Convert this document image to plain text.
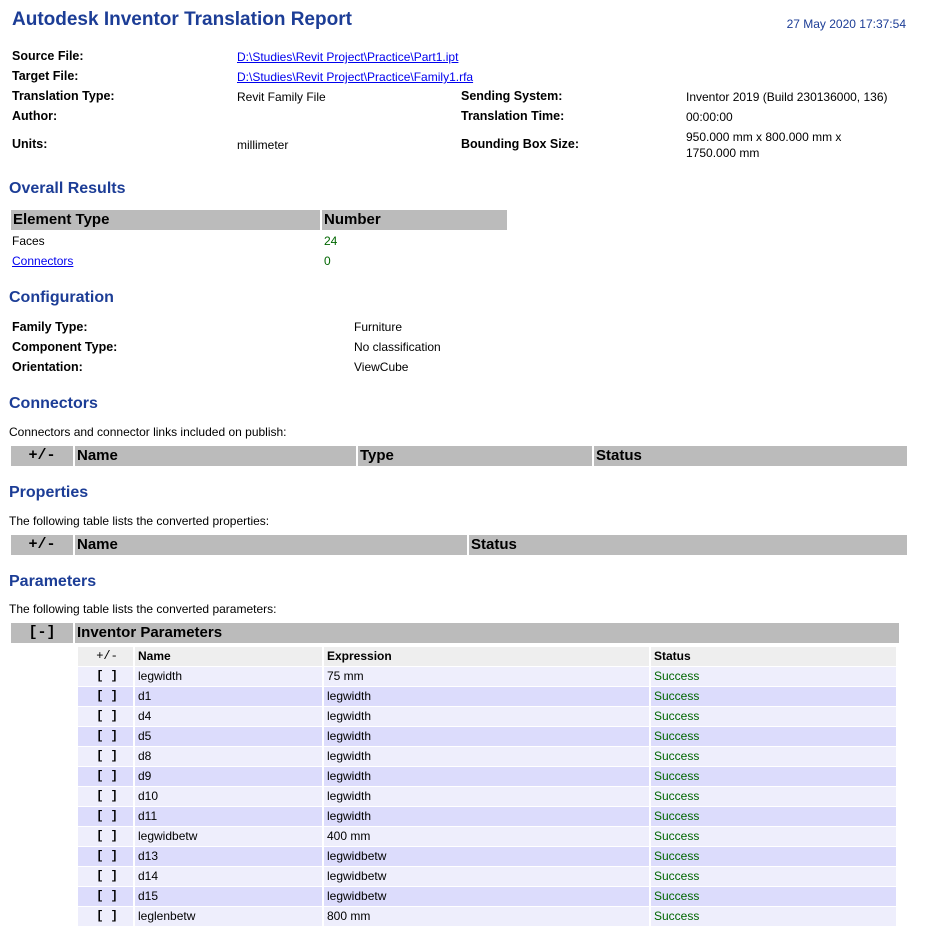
Autodesk Inventor Translation Report	27 May 2020 17:37:54
Source File:	D:\Studies\Revit Project\Practice\Part1.ipt
Target File:	D:\Studies\Revit Project\Practice\Family1.rfa
Translation Type:	Revit Family File	Sending System:	Inventor 2019 (Build 230136000, 136)
Author:	Translation Time:	00:00:00
Units:	millimeter	Bounding Box Size:	950.000 mm x 800.000 mm x
1750.000 mm
Overall Results
Element Type	Number
Faces	24
Connectors	0
Configuration
Family Type:	Furniture
Component Type:	No classification
Orientation:	ViewCube
Connectors
Connectors and connector links included on publish:
+/-	Name	Type	Status
Properties
The following table lists the converted properties:
+/-	Name	Status
Parameters
The following table lists the converted parameters:
[-]	Inventor Parameters
+/-	Name	Expression	Status
[ ]	legwidth	75 mm	Success
[ ]	d1	legwidth	Success
[ ]	d4	legwidth	Success
[ ]	d5	legwidth	Success
[ ]	d8	legwidth	Success
[ ]	d9	legwidth	Success
[ ]	d10	legwidth	Success
[ ]	d11	legwidth	Success
[ ]	legwidbetw	400 mm	Success
[ ]	d13	legwidbetw	Success
[ ]	d14	legwidbetw	Success
[ ]	d15	legwidbetw	Success
[ ]	leglenbetw	800 mm	Success
